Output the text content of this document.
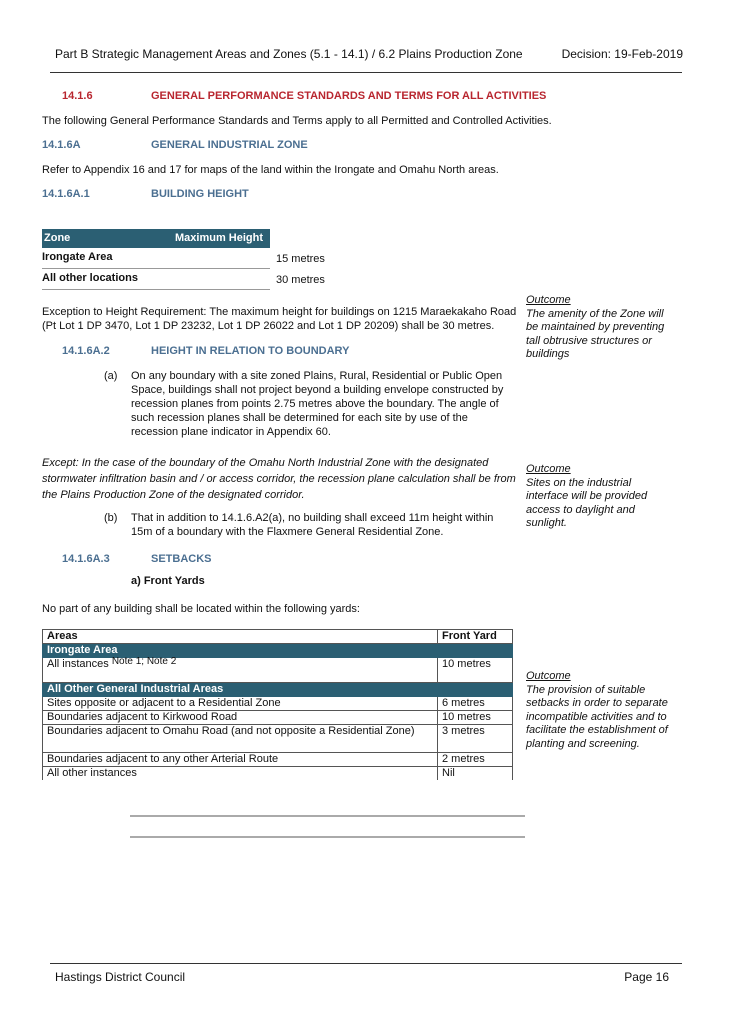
Part B Strategic Management Areas and Zones (5.1 - 14.1) / 6.2 Plains Production Zone	Decision: 19-Feb-2019
14.1.6	GENERAL PERFORMANCE STANDARDS AND TERMS FOR ALL ACTIVITIES
The following General Performance Standards and Terms apply to all Permitted and Controlled Activities.
14.1.6A	GENERAL INDUSTRIAL ZONE
Refer to Appendix 16 and 17 for maps of the land within the Irongate and Omahu North areas.
14.1.6A.1	BUILDING HEIGHT
Zone	Maximum Height
Irongate Area	15 metres
All other locations	30 metres
Exception to Height Requirement: The maximum height for buildings on 1215 Maraekakaho Road (Pt Lot 1 DP 3470, Lot 1 DP 23232, Lot 1 DP 26022 and Lot 1 DP 20209) shall be 30 metres.
14.1.6A.2	HEIGHT IN RELATION TO BOUNDARY
(a) On any boundary with a site zoned Plains, Rural, Residential or Public Open Space, buildings shall not project beyond a building envelope constructed by recession planes from points 2.75 metres above the boundary. The angle of such recession planes shall be determined for each site by use of the recession plane indicator in Appendix 60.
Except: In the case of the boundary of the Omahu North Industrial Zone with the designated stormwater infiltration basin and / or access corridor, the recession plane calculation shall be from the Plains Production Zone of the designated corridor.
(b) That in addition to 14.1.6.A2(a), no building shall exceed 11m height within 15m of a boundary with the Flaxmere General Residential Zone.
14.1.6A.3	SETBACKS
a) Front Yards
No part of any building shall be located within the following yards:
Areas	Front Yard
Irongate Area	
All instances Note 1; Note 2	10 metres
All Other General Industrial Areas	
Sites opposite or adjacent to a Residential Zone	6 metres
Boundaries adjacent to Kirkwood Road	10 metres
Boundaries adjacent to Omahu Road (and not opposite a Residential Zone)	3 metres
Boundaries adjacent to any other Arterial Route	2 metres
All other instances	Nil
Outcome
The amenity of the Zone will be maintained by preventing tall obtrusive structures or buildings
Outcome
Sites on the industrial interface will be provided access to daylight and sunlight.
Outcome
The provision of suitable setbacks in order to separate incompatible activities and to facilitate the establishment of planting and screening.
Hastings District Council	Page 16
